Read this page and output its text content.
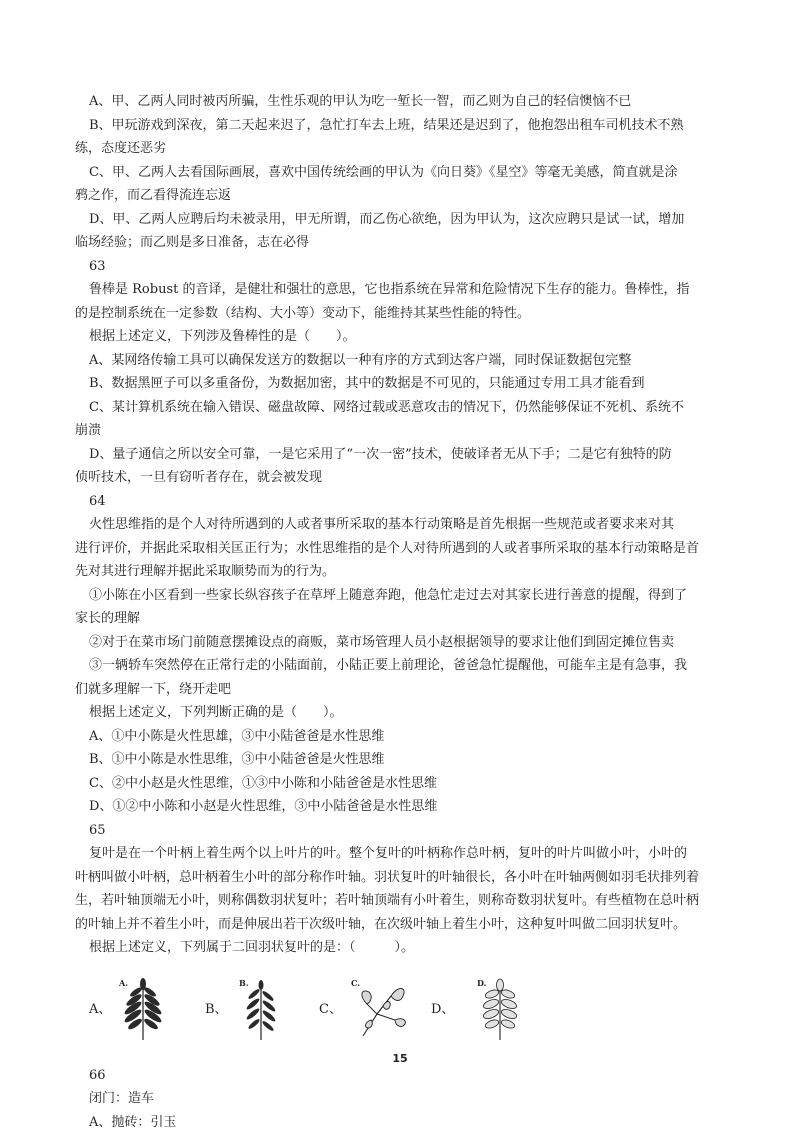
A、甲、乙两人同时被丙所骗，生性乐观的甲认为吃一堑长一智，而乙则为自己的轻信懊恼不已

B、甲玩游戏到深夜，第二天起来迟了，急忙打车去上班，结果还是迟到了，他抱怨出租车司机技术不熟

练，态度还恶劣

C、甲、乙两人去看国际画展，喜欢中国传统绘画的甲认为《向日葵》《星空》等毫无美感，简直就是涂

鸦之作，而乙看得流连忘返

D、甲、乙两人应聘后均未被录用，甲无所谓，而乙伤心欲绝，因为甲认为，这次应聘只是试一试，增加

临场经验；而乙则是多日准备，志在必得

63

鲁棒是 Robust 的音译，是健壮和强壮的意思，它也指系统在异常和危险情况下生存的能力。鲁棒性，指

的是控制系统在一定参数（结构、大小等）变动下，能维持其某些性能的特性。

根据上述定义，下列涉及鲁棒性的是（　　）。

A、某网络传输工具可以确保发送方的数据以一种有序的方式到达客户端，同时保证数据包完整

B、数据黑匣子可以多重备份，为数据加密，其中的数据是不可见的，只能通过专用工具才能看到

C、某计算机系统在输入错误、磁盘故障、网络过载或恶意攻击的情况下，仍然能够保证不死机、系统不

崩溃

D、量子通信之所以安全可靠，一是它采用了“一次一密”技术，使破译者无从下手；二是它有独特的防

侦听技术，一旦有窃听者存在，就会被发现

64

火性思维指的是个人对待所遇到的人或者事所采取的基本行动策略是首先根据一些规范或者要求来对其

进行评价，并据此采取相关匡正行为；水性思维指的是个人对待所遇到的人或者事所采取的基本行动策略是首

先对其进行理解并据此采取顺势而为的行为。

①小陈在小区看到一些家长纵容孩子在草坪上随意奔跑，他急忙走过去对其家长进行善意的提醒，得到了

家长的理解

②对于在菜市场门前随意摆摊设点的商贩，菜市场管理人员小赵根据领导的要求让他们到固定摊位售卖

③一辆轿车突然停在正常行走的小陆面前，小陆正要上前理论，爸爸急忙提醒他，可能车主是有急事，我

们就多理解一下，绕开走吧

根据上述定义，下列判断正确的是（　　）。

A、①中小陈是火性思雄，③中小陆爸爸是水性思维

B、①中小陈是水性思维，③中小陆爸爸是火性思维

C、②中小赵是火性思维，①③中小陈和小陆爸爸是水性思维

D、①②中小陈和小赵是火性思维，③中小陆爸爸是水性思维

65

复叶是在一个叶柄上着生两个以上叶片的叶。整个复叶的叶柄称作总叶柄，复叶的叶片叫做小叶，小叶的

叶柄叫做小叶柄，总叶柄着生小叶的部分称作叶轴。羽状复叶的叶轴很长，各小叶在叶轴两侧如羽毛状排列着

生，若叶轴顶端无小叶，则称偶数羽状复叶；若叶轴顶端有小叶着生，则称奇数羽状复叶。有些植物在总叶柄

的叶轴上并不着生小叶，而是伸展出若干次级叶轴，在次级叶轴上着生小叶，这种复叶叫做二回羽状复叶。

根据上述定义，下列属于二回羽状复叶的是：（　　　）。

A、
A.
B、
B.
C、
C.
D、
D.

66

闭门：造车

A、抛砖：引玉

15
